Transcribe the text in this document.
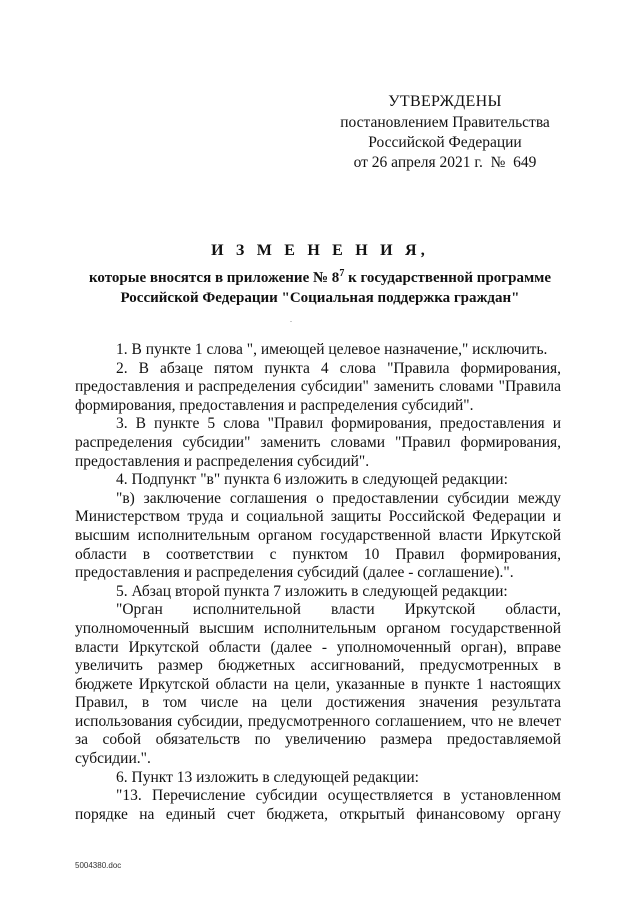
УТВЕРЖДЕНЫ
постановлением Правительства
Российской Федерации
от 26 апреля 2021 г.  №  649
И З М Е Н Е Н И Я,
которые вносятся в приложение № $8^7$ к государственной программе
Российской Федерации "Социальная поддержка граждан"

1. В пункте 1 слова ", имеющей целевое назначение," исключить.

2. В абзаце пятом пункта 4 слова "Правила формирования, предоставления и распределения субсидии" заменить словами "Правила формирования, предоставления и распределения субсидий".

3. В пункте 5 слова "Правил формирования, предоставления и распределения субсидии" заменить словами "Правил формирования, предоставления и распределения субсидий".

4. Подпункт "в" пункта 6 изложить в следующей редакции:

"в) заключение соглашения о предоставлении субсидии между Министерством труда и социальной защиты Российской Федерации и высшим исполнительным органом государственной власти Иркутской области в соответствии с пунктом 10 Правил формирования, предоставления и распределения субсидий (далее - соглашение).".

5. Абзац второй пункта 7 изложить в следующей редакции:

"Орган исполнительной власти Иркутской области, уполномоченный высшим исполнительным органом государственной власти Иркутской области (далее - уполномоченный орган), вправе увеличить размер бюджетных ассигнований, предусмотренных в бюджете Иркутской области на цели, указанные в пункте 1 настоящих Правил, в том числе на цели достижения значения результата использования субсидии, предусмотренного соглашением, что не влечет за собой обязательств по увеличению размера предоставляемой субсидии.".

6. Пункт 13 изложить в следующей редакции:

"13. Перечисление субсидии осуществляется в установленном порядке на единый счет бюджета, открытый финансовому органу

5004380.doc
